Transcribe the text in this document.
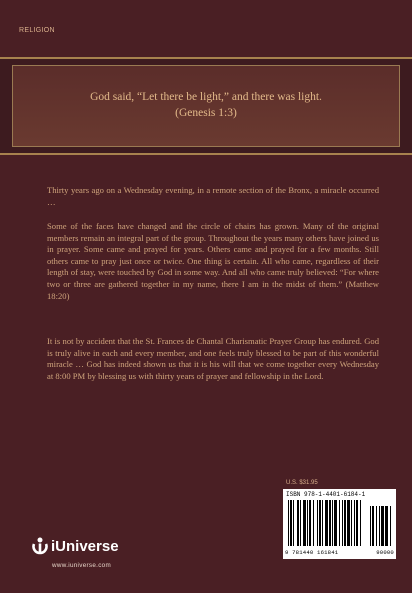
RELIGION
God said, “Let there be light,” and there was light.
(Genesis 1:3)

Thirty years ago on a Wednesday evening, in a remote section of the Bronx, a miracle occurred …

Some of the faces have changed and the circle of chairs has grown. Many of the original members remain an integral part of the group. Throughout the years many others have joined us in prayer. Some came and prayed for years. Others came and prayed for a few months. Still others came to pray just once or twice. One thing is certain. All who came, regardless of their length of stay, were touched by God in some way. And all who came truly believed: “For where two or three are gathered together in my name, there I am in the midst of them.” (Matthew 18:20)

It is not by accident that the St. Frances de Chantal Charismatic Prayer Group has endured. God is truly alive in each and every member, and one feels truly blessed to be part of this wonderful miracle … God has indeed shown us that it is his will that we come together every Wednesday at 8:00 PM by blessing us with thirty years of prayer and fellowship in the Lord.

U.S. $31.95
ISBN 978-1-4401-6184-1
9 781440 161841	90000
iUniverse
www.iuniverse.com
